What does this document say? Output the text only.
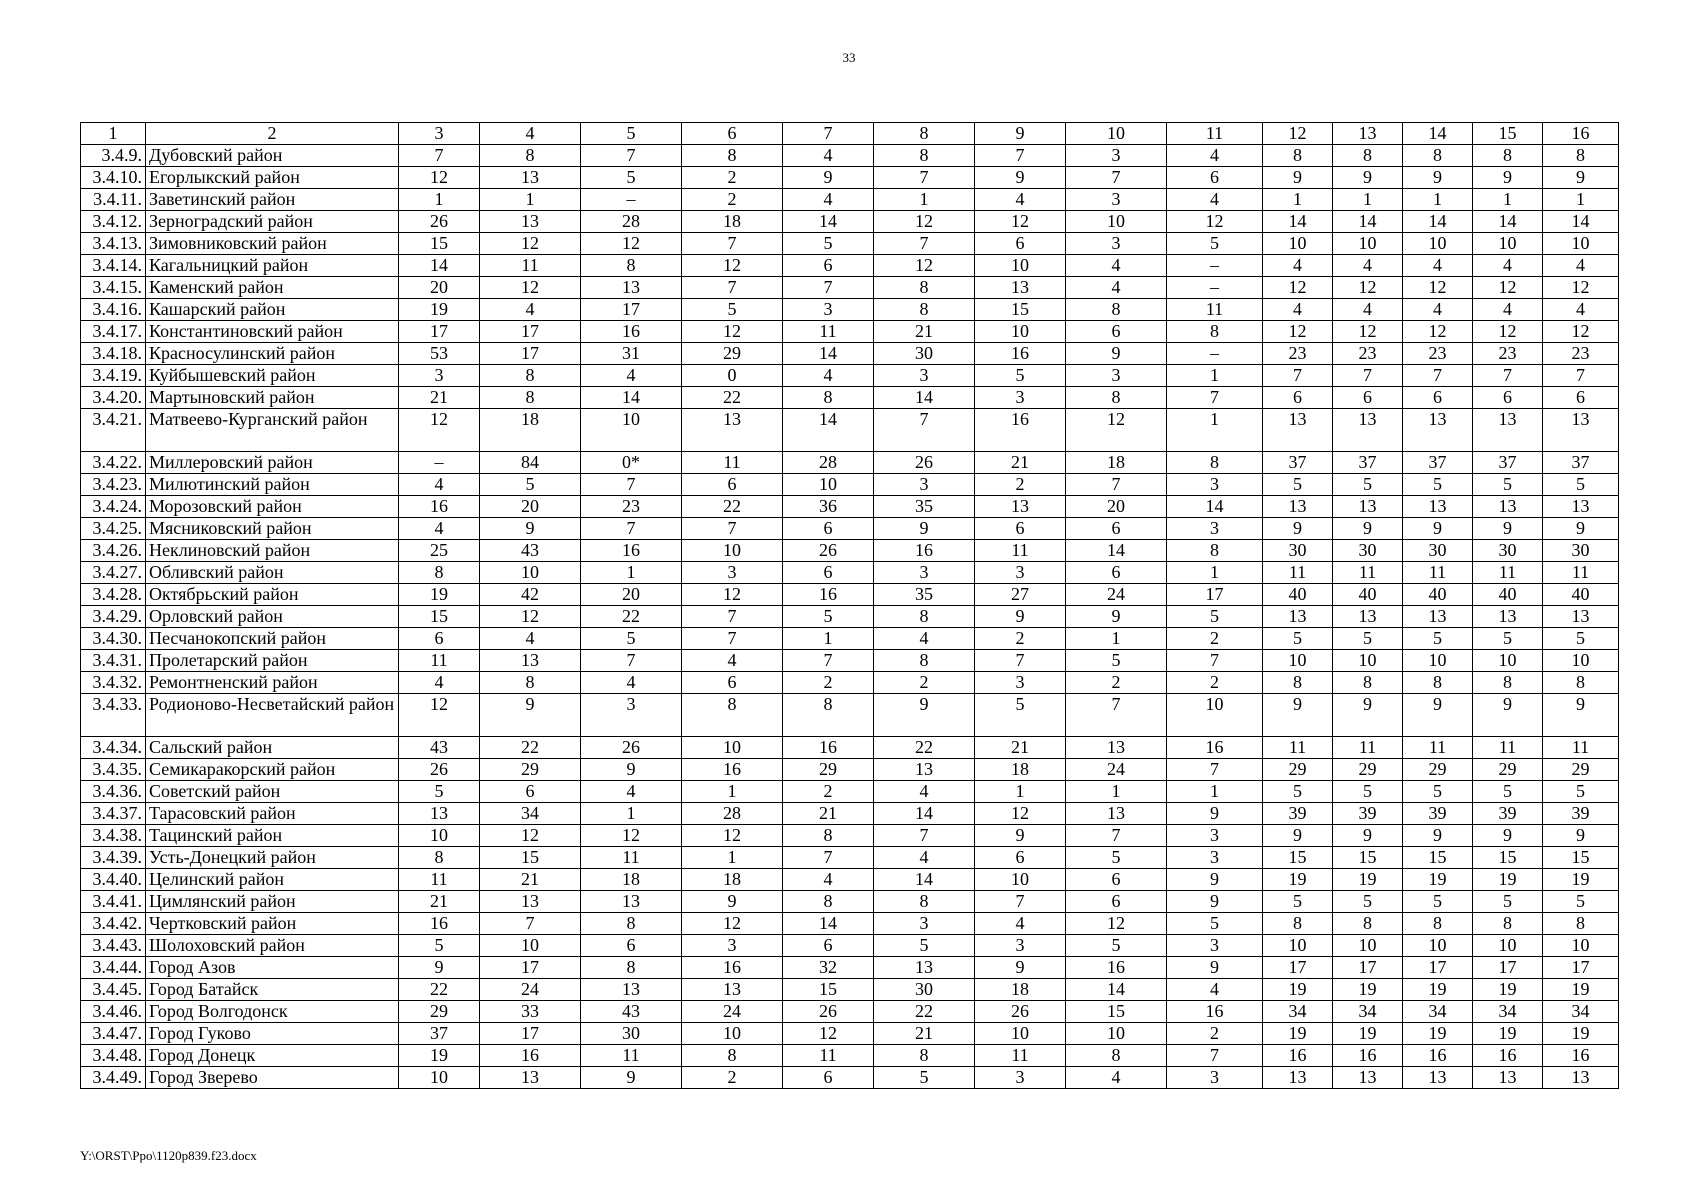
33
1	2	3	4	5	6	7	8	9	10	11	12	13	14	15	16
3.4.9.	Дубовский район	7	8	7	8	4	8	7	3	4	8	8	8	8	8
3.4.10.	Егорлыкский район	12	13	5	2	9	7	9	7	6	9	9	9	9	9
3.4.11.	Заветинский район	1	1	–	2	4	1	4	3	4	1	1	1	1	1
3.4.12.	Зерноградский район	26	13	28	18	14	12	12	10	12	14	14	14	14	14
3.4.13.	Зимовниковский район	15	12	12	7	5	7	6	3	5	10	10	10	10	10
3.4.14.	Кагальницкий район	14	11	8	12	6	12	10	4	–	4	4	4	4	4
3.4.15.	Каменский район	20	12	13	7	7	8	13	4	–	12	12	12	12	12
3.4.16.	Кашарский район	19	4	17	5	3	8	15	8	11	4	4	4	4	4
3.4.17.	Константиновский район	17	17	16	12	11	21	10	6	8	12	12	12	12	12
3.4.18.	Красносулинский район	53	17	31	29	14	30	16	9	–	23	23	23	23	23
3.4.19.	Куйбышевский район	3	8	4	0	4	3	5	3	1	7	7	7	7	7
3.4.20.	Мартыновский район	21	8	14	22	8	14	3	8	7	6	6	6	6	6
3.4.21.	Матвеево-Курганский район	12	18	10	13	14	7	16	12	1	13	13	13	13	13
3.4.22.	Миллеровский район	–	84	0*	11	28	26	21	18	8	37	37	37	37	37
3.4.23.	Милютинский район	4	5	7	6	10	3	2	7	3	5	5	5	5	5
3.4.24.	Морозовский район	16	20	23	22	36	35	13	20	14	13	13	13	13	13
3.4.25.	Мясниковский район	4	9	7	7	6	9	6	6	3	9	9	9	9	9
3.4.26.	Неклиновский район	25	43	16	10	26	16	11	14	8	30	30	30	30	30
3.4.27.	Обливский район	8	10	1	3	6	3	3	6	1	11	11	11	11	11
3.4.28.	Октябрьский район	19	42	20	12	16	35	27	24	17	40	40	40	40	40
3.4.29.	Орловский район	15	12	22	7	5	8	9	9	5	13	13	13	13	13
3.4.30.	Песчанокопский район	6	4	5	7	1	4	2	1	2	5	5	5	5	5
3.4.31.	Пролетарский район	11	13	7	4	7	8	7	5	7	10	10	10	10	10
3.4.32.	Ремонтненский район	4	8	4	6	2	2	3	2	2	8	8	8	8	8
3.4.33.	Родионово-Несветайский район	12	9	3	8	8	9	5	7	10	9	9	9	9	9
3.4.34.	Сальский район	43	22	26	10	16	22	21	13	16	11	11	11	11	11
3.4.35.	Семикаракорский район	26	29	9	16	29	13	18	24	7	29	29	29	29	29
3.4.36.	Советский район	5	6	4	1	2	4	1	1	1	5	5	5	5	5
3.4.37.	Тарасовский район	13	34	1	28	21	14	12	13	9	39	39	39	39	39
3.4.38.	Тацинский район	10	12	12	12	8	7	9	7	3	9	9	9	9	9
3.4.39.	Усть-Донецкий район	8	15	11	1	7	4	6	5	3	15	15	15	15	15
3.4.40.	Целинский район	11	21	18	18	4	14	10	6	9	19	19	19	19	19
3.4.41.	Цимлянский район	21	13	13	9	8	8	7	6	9	5	5	5	5	5
3.4.42.	Чертковский район	16	7	8	12	14	3	4	12	5	8	8	8	8	8
3.4.43.	Шолоховский район	5	10	6	3	6	5	3	5	3	10	10	10	10	10
3.4.44.	Город Азов	9	17	8	16	32	13	9	16	9	17	17	17	17	17
3.4.45.	Город Батайск	22	24	13	13	15	30	18	14	4	19	19	19	19	19
3.4.46.	Город Волгодонск	29	33	43	24	26	22	26	15	16	34	34	34	34	34
3.4.47.	Город Гуково	37	17	30	10	12	21	10	10	2	19	19	19	19	19
3.4.48.	Город Донецк	19	16	11	8	11	8	11	8	7	16	16	16	16	16
3.4.49.	Город Зверево	10	13	9	2	6	5	3	4	3	13	13	13	13	13
Y:\ORST\Ppo\1120p839.f23.docx
